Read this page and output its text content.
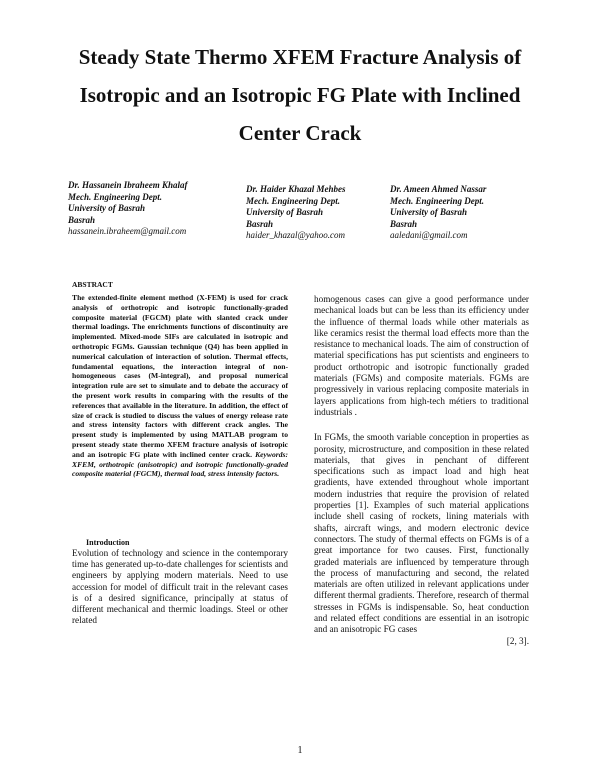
Steady State Thermo XFEM Fracture Analysis of Isotropic and an Isotropic FG Plate with Inclined Center Crack
Dr. Hassanein Ibraheem Khalaf
Mech. Engineering Dept.
University of Basrah
Basrah
hassanein.ibraheem@gmail.com
Dr. Haider Khazal Mehbes
Mech. Engineering Dept.
University of Basrah
Basrah
haider_khazal@yahoo.com
Dr. Ameen Ahmed Nassar
Mech. Engineering Dept.
University of Basrah
Basrah
aaledani@gmail.com
ABSTRACT
The extended-finite element method (X-FEM) is used for crack analysis of orthotropic and isotropic functionally-graded composite material (FGCM) plate with slanted crack under thermal loadings. The enrichments functions of discontinuity are implemented. Mixed-mode SIFs are calculated in isotropic and orthotropic FGMs. Gaussian technique (Q4) has been applied in numerical calculation of interaction of solution. Thermal effects, fundamental equations, the interaction integral of non-homogeneous cases (M-integral), and proposal numerical integration rule are set to simulate and to debate the accuracy of the present work results in comparing with the results of the references that available in the literature. In addition, the effect of size of crack is studied to discuss the values of energy release rate and stress intensity factors with different crack angles. The present study is implemented by using MATLAB program to present steady state thermo XFEM fracture analysis of isotropic and an isotropic FG plate with inclined center crack. Keywords: XFEM, orthotropic (anisotropic) and isotropic functionally-graded composite material (FGCM), thermal load, stress intensity factors.
Introduction
Evolution of technology and science in the contemporary time has generated up-to-date challenges for scientists and engineers by applying modern materials. Need to use accession for model of difficult trait in the relevant cases is of a desired significance, principally at status of different mechanical and thermic loadings. Steel or other related

homogenous cases can give a good performance under mechanical loads but can be less than its efficiency under the influence of thermal loads while other materials as like ceramics resist the thermal load effects more than the resistance to mechanical loads. The aim of construction of material specifications has put scientists and engineers to product orthotropic and isotropic functionally graded materials (FGMs) and composite materials. FGMs are progressively in various replacing composite materials in layers applications from high-tech métiers to traditional industrials .

In FGMs, the smooth variable conception in properties as porosity, microstructure, and composition in these related materials, that gives in penchant of different specifications such as impact load and high heat gradients, have extended throughout whole important modern industries that require the provision of related properties [1]. Examples of such material applications include shell casing of rockets, lining materials with shafts, aircraft wings, and modern electronic device connectors. The study of thermal effects on FGMs is of a great importance for two causes. First, functionally graded materials are influenced by temperature through the process of manufacturing and second, the related materials are often utilized in relevant applications under different thermal gradients. Therefore, research of thermal stresses in FGMs is indispensable. So, heat conduction and related effect conditions are essential in an isotropic and an anisotropic FG cases
[2, 3].

1
